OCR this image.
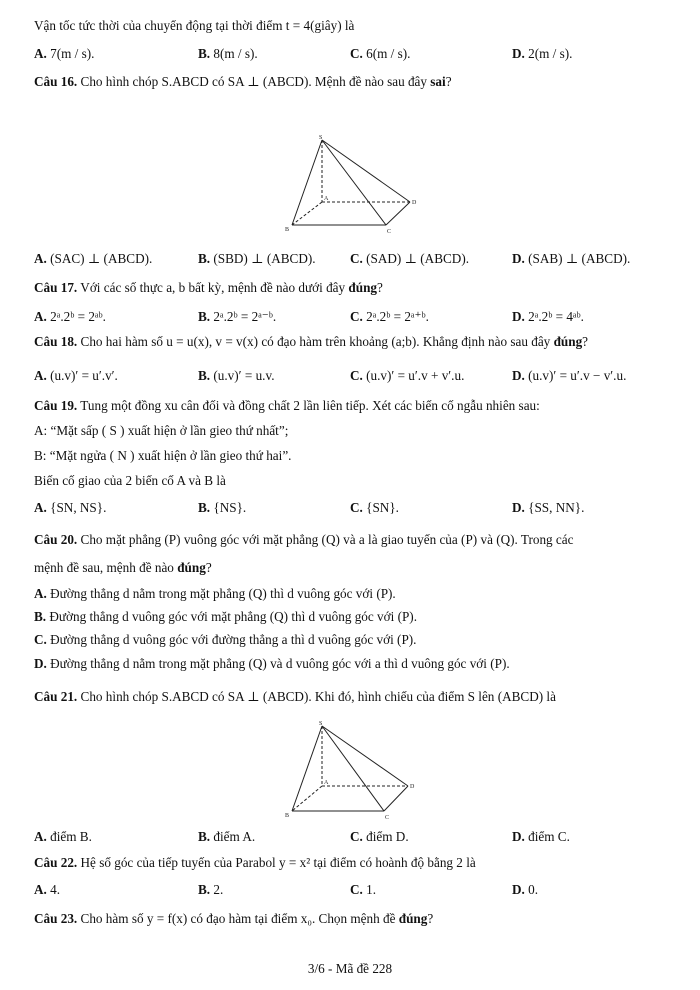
Vận tốc tức thời của chuyển động tại thời điểm t = 4(giây) là
A. 7(m / s).	B. 8(m / s).	C. 6(m / s).	D. 2(m / s).
Câu 16. Cho hình chóp S.ABCD có SA ⊥ (ABCD). Mệnh đề nào sau đây sai?
S
A
B	C
D
A. (SAC) ⊥ (ABCD).	B. (SBD) ⊥ (ABCD).	C. (SAD) ⊥ (ABCD).	D. (SAB) ⊥ (ABCD).
Câu 17. Với các số thực a, b bất kỳ, mệnh đề nào dưới đây đúng?
A. 2ᵃ.2ᵇ = 2ᵃᵇ.	B. 2ᵃ.2ᵇ = 2ᵃ⁻ᵇ.	C. 2ᵃ.2ᵇ = 2ᵃ⁺ᵇ.	D. 2ᵃ.2ᵇ = 4ᵃᵇ.
Câu 18. Cho hai hàm số u = u(x), v = v(x) có đạo hàm trên khoảng (a;b). Khẳng định nào sau đây đúng?
A. (u.v)′ = u′.v′.	B. (u.v)′ = u.v.	C. (u.v)′ = u′.v + v′.u.	D. (u.v)′ = u′.v − v′.u.
Câu 19. Tung một đồng xu cân đối và đồng chất 2 lần liên tiếp. Xét các biến cố ngẫu nhiên sau:
A: “Mặt sấp ( S ) xuất hiện ở lần gieo thứ nhất”;
B: “Mặt ngửa ( N ) xuất hiện ở lần gieo thứ hai”.
Biến cố giao của 2 biến cố A và B là
A. {SN, NS}.	B. {NS}.	C. {SN}.	D. {SS, NN}.
Câu 20. Cho mặt phẳng (P) vuông góc với mặt phẳng (Q) và a là giao tuyến của (P) và (Q). Trong các
mệnh đề sau, mệnh đề nào đúng?
A. Đường thẳng d nằm trong mặt phẳng (Q) thì d vuông góc với (P).
B. Đường thẳng d vuông góc với mặt phẳng (Q) thì d vuông góc với (P).
C. Đường thẳng d vuông góc với đường thẳng a thì d vuông góc với (P).
D. Đường thẳng d nằm trong mặt phẳng (Q) và d vuông góc với a thì d vuông góc với (P).
Câu 21. Cho hình chóp S.ABCD có SA ⊥ (ABCD). Khi đó, hình chiếu của điểm S lên (ABCD) là
S
A
B	C
D
A. điểm B.	B. điểm A.	C. điểm D.	D. điểm C.
Câu 22. Hệ số góc của tiếp tuyến của Parabol y = x² tại điểm có hoành độ bằng 2 là
A. 4.	B. 2.	C. 1.	D. 0.
Câu 23. Cho hàm số y = f(x) có đạo hàm tại điểm x₀. Chọn mệnh đề đúng?
3/6 - Mã đề 228
